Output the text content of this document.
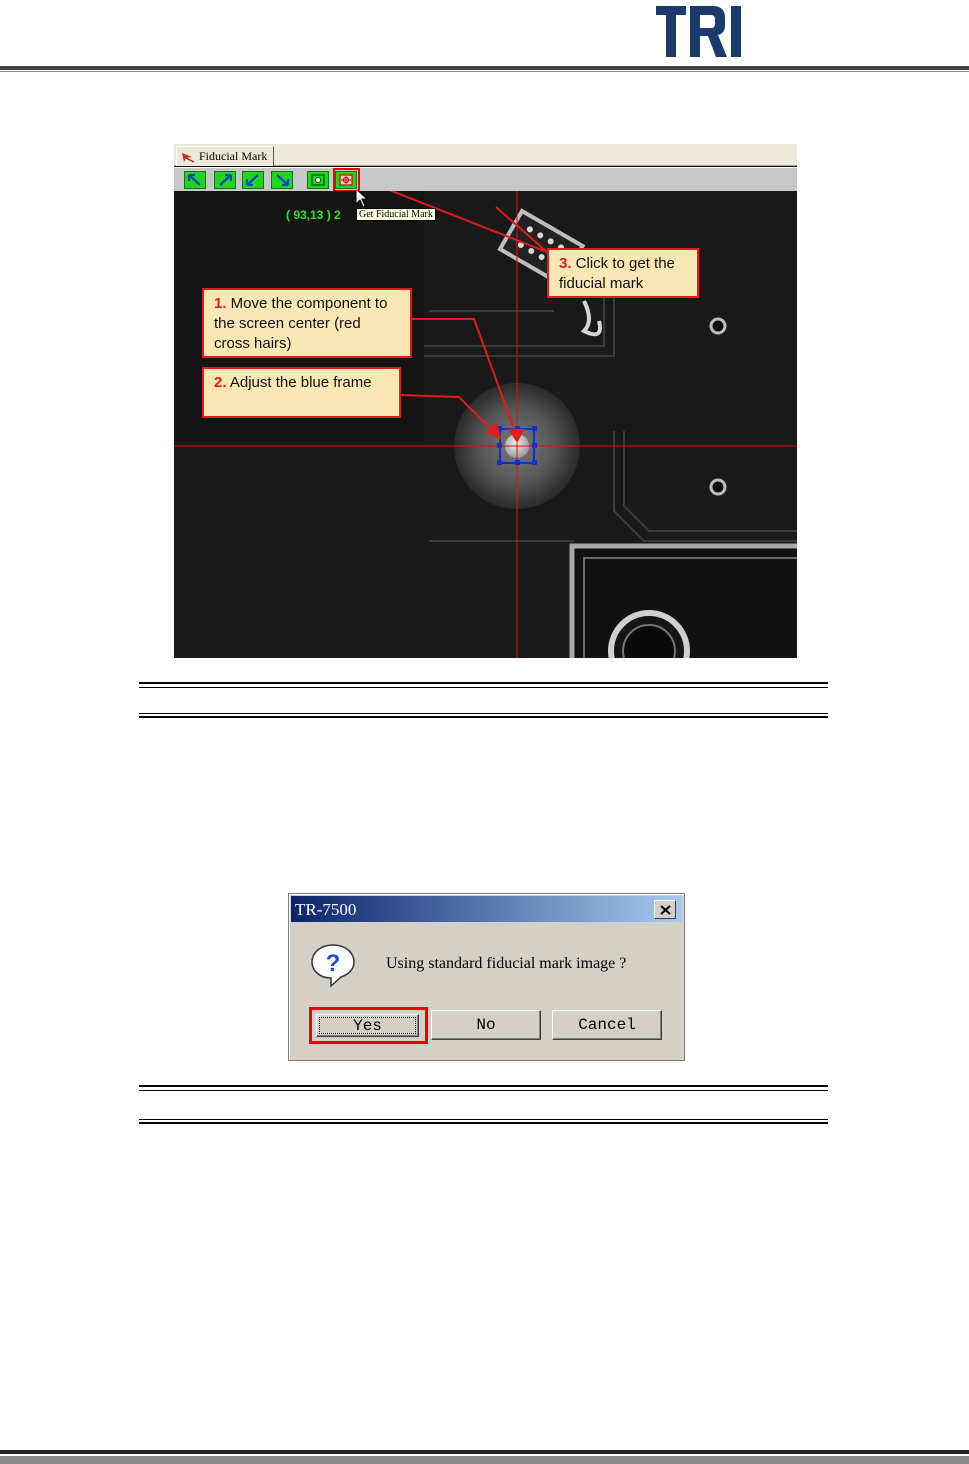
Fiducial Mark
( 93,13 ) 2	Get Fiducial Mark
3. Click to get the fiducial mark
1. Move the component to the screen center (red cross hairs)
2. Adjust the blue frame
TR-7500
?	Using standard fiducial mark image ?
Yes	No	Cancel
